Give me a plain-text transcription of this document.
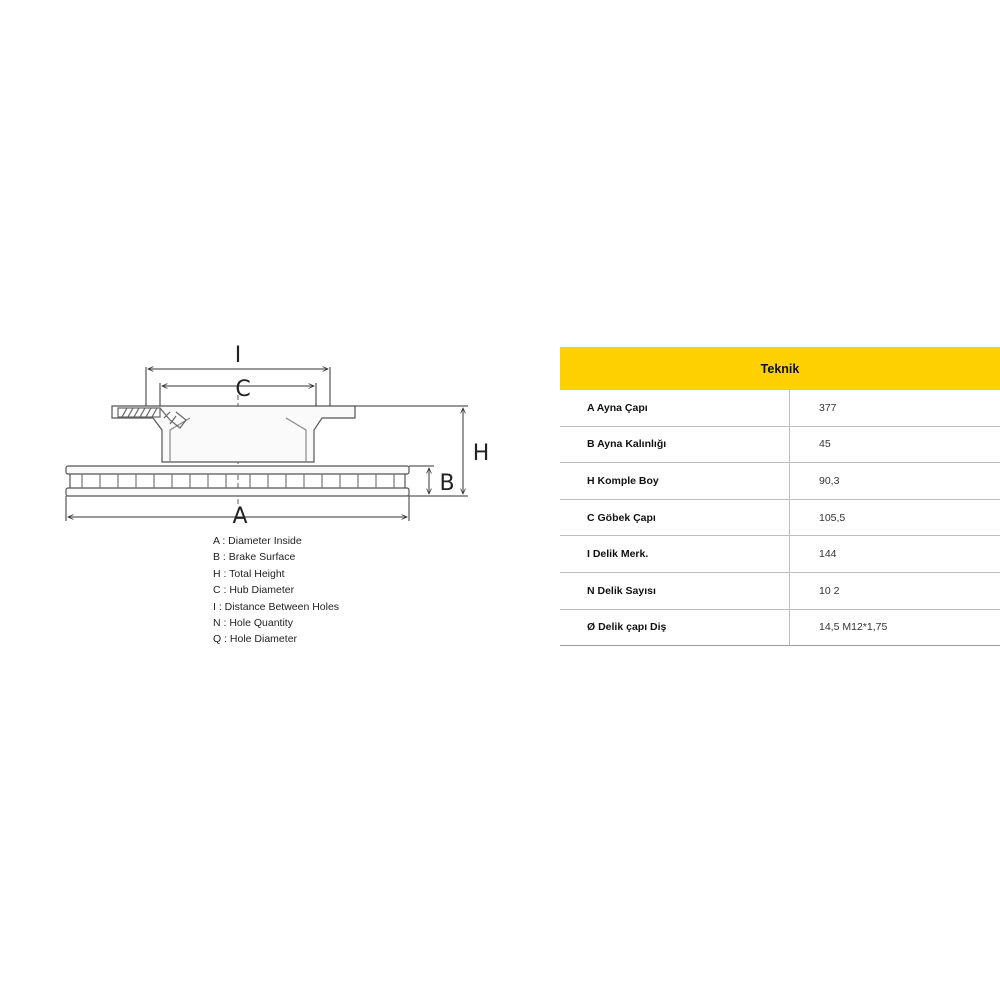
I
C
H
B
A
A : Diameter Inside
B : Brake Surface
H : Total Height
C : Hub Diameter
I : Distance Between Holes
N : Hole Quantity
Q : Hole Diameter
Teknik
A Ayna Çapı	377
B Ayna Kalınlığı	45
H Komple Boy	90,3
C Göbek Çapı	105,5
I Delik Merk.	144
N Delik Sayısı	10 2
Ø Delik çapı Diş	14,5 M12*1,75
